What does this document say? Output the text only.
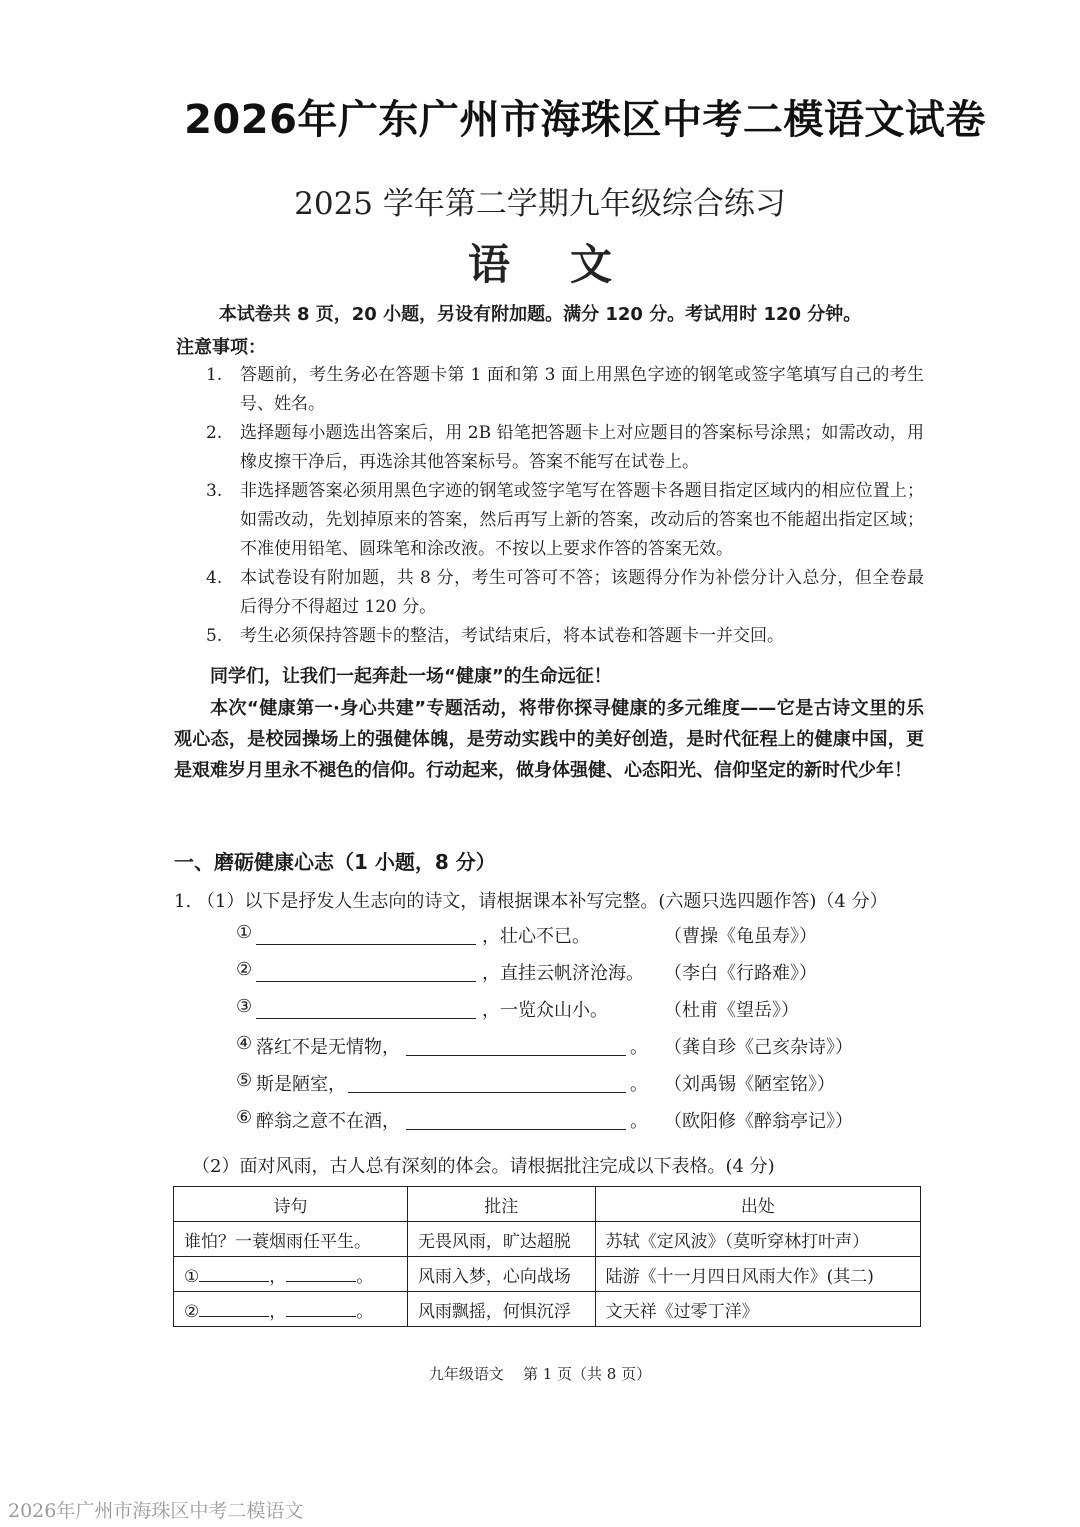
2026年广东广州市海珠区中考二模语文试卷
2025 学年第二学期九年级综合练习
语文
本试卷共 8 页，20 小题，另设有附加题。满分 120 分。考试用时 120 分钟。
注意事项：
1. 答题前，考生务必在答题卡第 1 面和第 3 面上用黑色字迹的钢笔或签字笔填写自己的考生号、姓名。
2. 选择题每小题选出答案后，用 2B 铅笔把答题卡上对应题目的答案标号涂黑；如需改动，用橡皮擦干净后，再选涂其他答案标号。答案不能写在试卷上。
3. 非选择题答案必须用黑色字迹的钢笔或签字笔写在答题卡各题目指定区域内的相应位置上；如需改动，先划掉原来的答案，然后再写上新的答案，改动后的答案也不能超出指定区域；不准使用铅笔、圆珠笔和涂改液。不按以上要求作答的答案无效。
4. 本试卷设有附加题，共 8 分，考生可答可不答；该题得分作为补偿分计入总分，但全卷最后得分不得超过 120 分。
5. 考生必须保持答题卡的整洁，考试结束后，将本试卷和答题卡一并交回。
同学们，让我们一起奔赴一场“健康”的生命远征！

本次“健康第一·身心共建”专题活动，将带你探寻健康的多元维度——它是古诗文里的乐观心态，是校园操场上的强健体魄，是劳动实践中的美好创造，是时代征程上的健康中国，更是艰难岁月里永不褪色的信仰。行动起来，做身体强健、心态阳光、信仰坚定的新时代少年！

一、磨砺健康心志（1 小题，8 分）
1. （1）以下是抒发人生志向的诗文，请根据课本补写完整。(六题只选四题作答)（4 分）
①	，壮心不已。	（曹操《龟虽寿》）
②	，直挂云帆济沧海。 （李白《行路难》）
③	，一览众山小。	（杜甫《望岳》）
④ 落红不是无情物，	。 （龚自珍《己亥杂诗》）
⑤ 斯是陋室，	。 （刘禹锡《陋室铭》）
⑥ 醉翁之意不在酒，	。 （欧阳修《醉翁亭记》）
（2）面对风雨，古人总有深刻的体会。请根据批注完成以下表格。(4 分)
诗句	批注	出处
谁怕？一蓑烟雨任平生。	无畏风雨，旷达超脱	苏轼《定风波》（莫听穿林打叶声）
① ， 。	风雨入梦，心向战场	陆游《十一月四日风雨大作》(其二)
② ， 。	风雨飘摇，何惧沉浮	文天祥《过零丁洋》
九年级语文    第 1 页（共 8 页）
2026年广州市海珠区中考二模语文
